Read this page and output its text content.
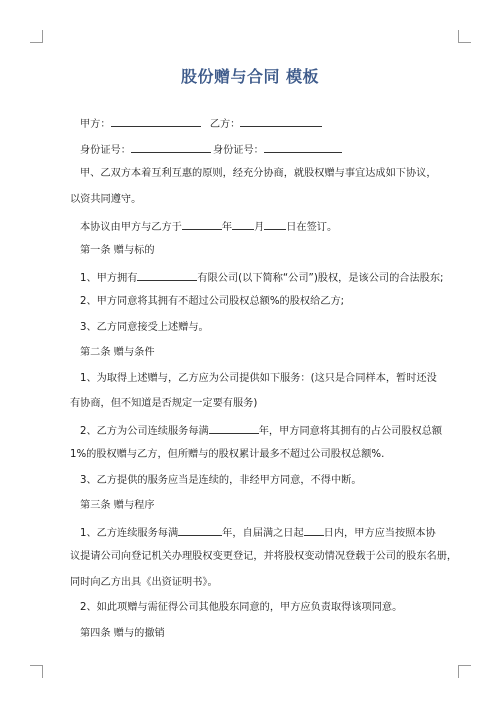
股份赠与合同 模板
甲方：	乙方：
身份证号：	身份证号：
甲、乙双方本着互利互惠的原则，经充分协商，就股权赠与事宜达成如下协议，
以资共同遵守。
本协议由甲方与乙方于	年 月 日在签订。
第一条 赠与标的
1、甲方拥有	有限公司(以下简称“公司”)股权，是该公司的合法股东;
2、甲方同意将其拥有不超过公司股权总额%的股权给乙方;
3、乙方同意接受上述赠与。
第二条 赠与条件
1、为取得上述赠与，乙方应为公司提供如下服务：(这只是合同样本，暂时还没
有协商，但不知道是否规定一定要有服务)
2、乙方为公司连续服务每满	年，甲方同意将其拥有的占公司股权总额
1%的股权赠与乙方，但所赠与的股权累计最多不超过公司股权总额%.
3、乙方提供的服务应当是连续的，非经甲方同意，不得中断。
第三条 赠与程序
1、乙方连续服务每满	年，自届满之日起 日内，甲方应当按照本协
议提请公司向登记机关办理股权变更登记，并将股权变动情况登载于公司的股东名册，
同时向乙方出具《出资证明书》。
2、如此项赠与需征得公司其他股东同意的，甲方应负责取得该项同意。
第四条 赠与的撤销
